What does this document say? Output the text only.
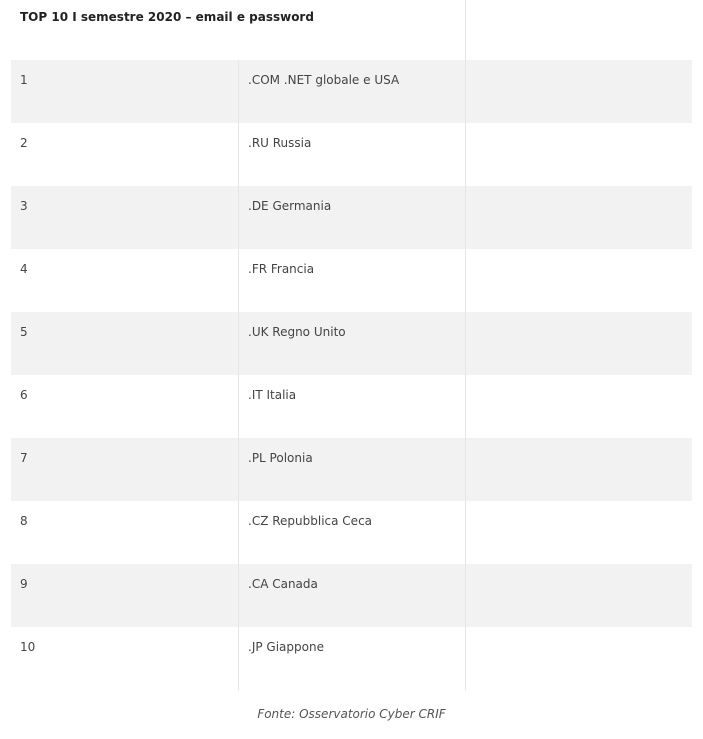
TOP 10 I semestre 2020 – email e password
1	.COM .NET globale e USA
2	.RU Russia
3	.DE Germania
4	.FR Francia
5	.UK Regno Unito
6	.IT Italia
7	.PL Polonia
8	.CZ Repubblica Ceca
9	.CA Canada
10	.JP Giappone
Fonte: Osservatorio Cyber CRIF
